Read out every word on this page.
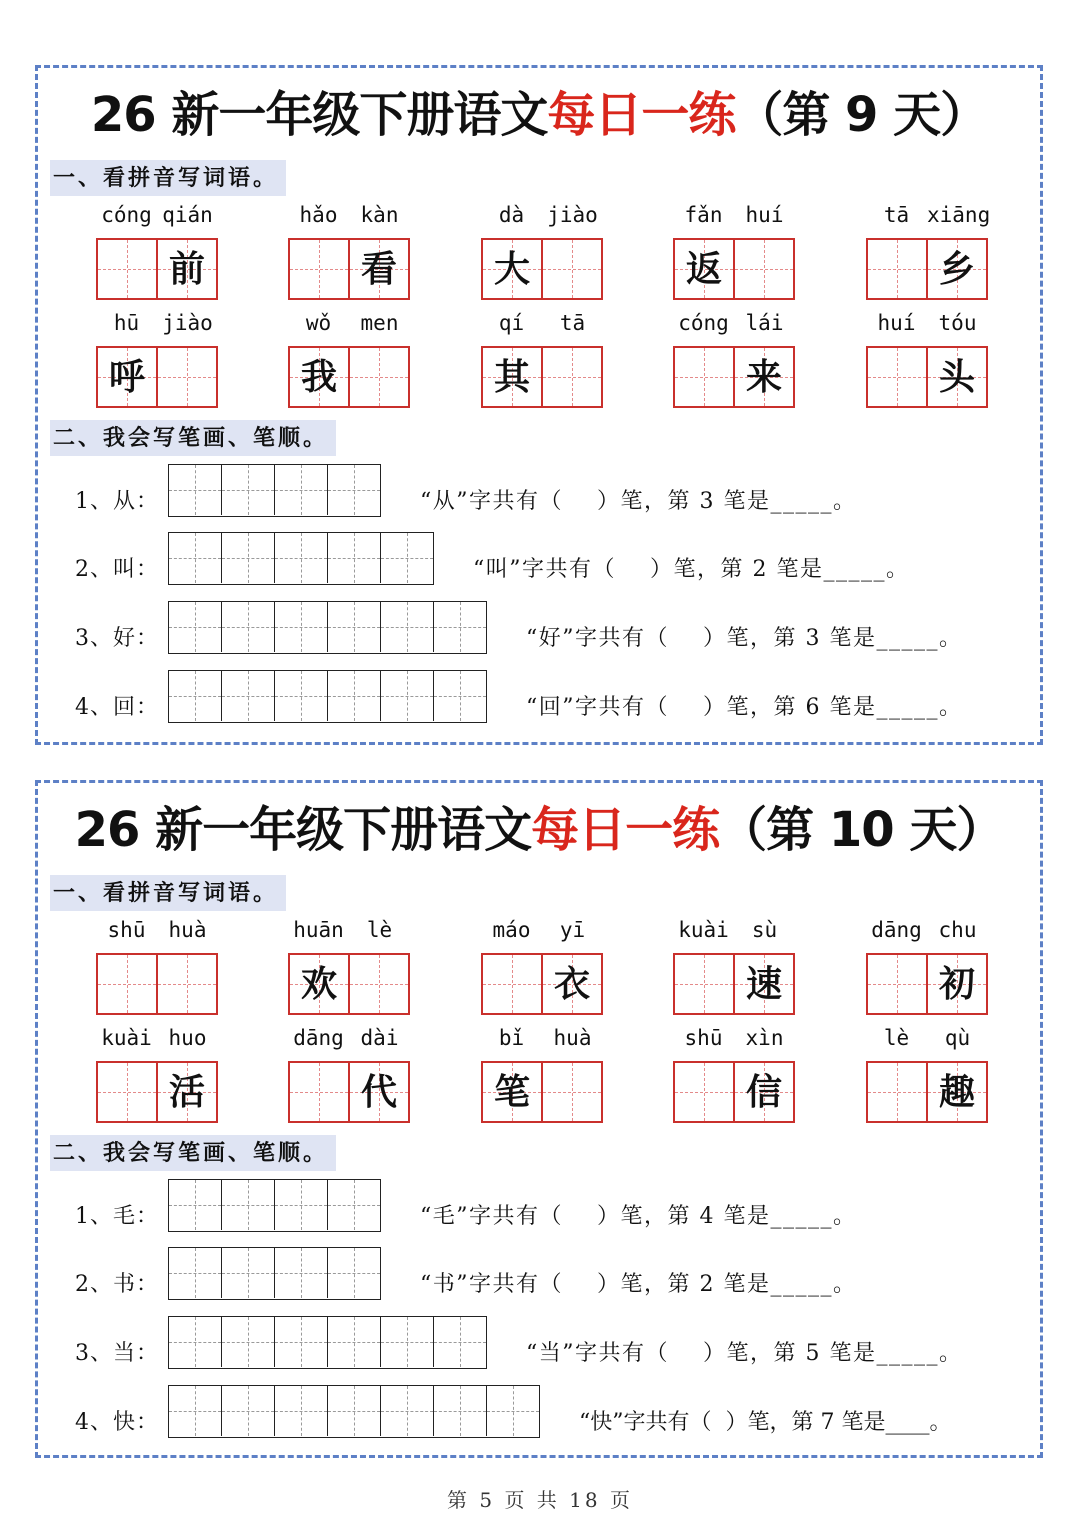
26 新一年级下册语文每日一练（第 9 天）
一、看拼音写词语。
cóng qián
前
hǎo	kàn
看
dà	jiào
大
fǎn	huí
返
tā xiāng
乡
hū	jiào
呼
wǒ	men
我
qí	tā
其
cóng lái
来
huí	tóu
头
二、我会写笔画、笔顺。
1、从：	“从”字共有（    ）笔，第 3 笔是_____。
2、叫：	“叫”字共有（    ）笔，第 2 笔是_____。
3、好：	“好”字共有（    ）笔，第 3 笔是_____。
4、回：	“回”字共有（    ）笔，第 6 笔是_____。
26 新一年级下册语文每日一练（第 10 天）
一、看拼音写词语。
shū	huà	huān	lè
欢
máo	yī
衣
kuài	sù
速
dāng chu
初
kuài huo
活
dāng dài
代
bǐ	huà
笔
shū	xìn
信
lè	qù
趣
二、我会写笔画、笔顺。
1、毛：	“毛”字共有（    ）笔，第 4 笔是_____。
2、书：	“书”字共有（    ）笔，第 2 笔是_____。
3、当：	“当”字共有（    ）笔，第 5 笔是_____。
4、快：	“快”字共有（  ）笔，第 7 笔是____。
第 5 页 共 18 页
